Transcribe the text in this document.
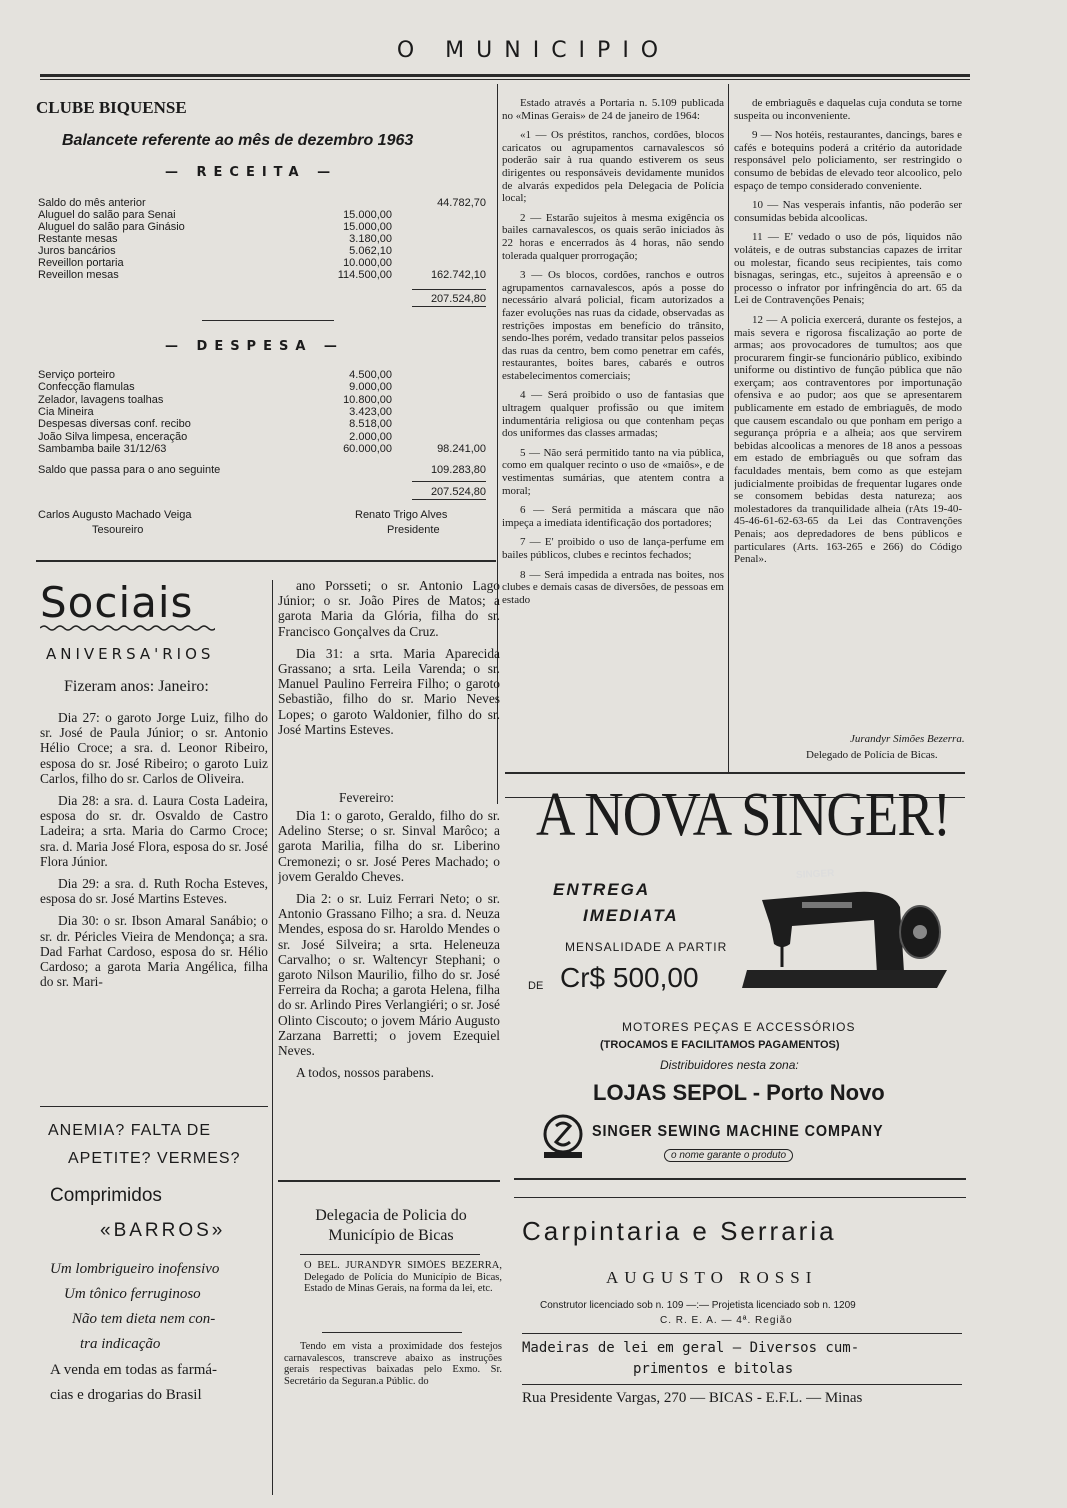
O MUNICIPIO
CLUBE BIQUENSE
Balancete referente ao mês de dezembro 1963
— RECEITA —
Saldo do mês anterior	44.782,70
Aluguel do salão para Senai	15.000,00
Aluguel do salão para Ginásio	15.000,00
Restante mesas	3.180,00
Juros bancários	5.062,10
Reveillon portaria	10.000,00
Reveillon mesas	114.500,00	162.742,10
207.524,80
— DESPESA —
Serviço porteiro	4.500,00
Confecção flamulas	9.000,00
Zelador, lavagens toalhas	10.800,00
Cia Mineira	3.423,00
Despesas diversas conf. recibo	8.518,00
João Silva limpesa, enceração	2.000,00
Sambamba baile 31/12/63	60.000,00	98.241,00
Saldo que passa para o ano seguinte	109.283,80
207.524,80
Carlos Augusto Machado Veiga
Tesoureiro
Renato Trigo Alves
Presidente

Estado através a Portaria n. 5.109 publicada no «Minas Gerais» de 24 de janeiro de 1964:

«1 — Os préstitos, ranchos, cordões, blocos caricatos ou agrupamentos carnavalescos só poderão sair à rua quando estiverem os seus dirigentes ou responsáveis devidamente munidos de alvarás expedidos pela Delegacia de Polícia local;

2 — Estarão sujeitos à mesma exigência os bailes carnavalescos, os quais serão iniciados às 22 horas e encerrados às 4 horas, não sendo tolerada qualquer prorrogação;

3 — Os blocos, cordões, ranchos e outros agrupamentos carnavalescos, após a posse do necessário alvará policial, ficam autorizados a fazer evoluções nas ruas da cidade, observadas as restrições impostas em benefício do trânsito, sendo-lhes porém, vedado transitar pelos passeios das ruas da centro, bem como penetrar em cafés, restaurantes, boites bares, cabarés e outros estabelecimentos comerciais;

4 — Será proibido o uso de fantasias que ultragem qualquer profissão ou que imitem indumentária religiosa ou que contenham peças dos uniformes das classes armadas;

5 — Não será permitido tanto na via pública, como em qualquer recinto o uso de «maiôs», e de vestimentas sumárias, que atentem contra a moral;

6 — Será permitida a máscara que não impeça a imediata identificação dos portadores;

7 — E' proibido o uso de lança-perfume em bailes públicos, clubes e recintos fechados;

8 — Será impedida a entrada nas boites, nos clubes e demais casas de diversões, de pessoas em estado

de embriaguês e daquelas cuja conduta se torne suspeita ou inconveniente.

9 — Nos hotéis, restaurantes, dancings, bares e cafés e botequins poderá a critério da autoridade responsável pelo policiamento, ser restringido o consumo de bebidas de elevado teor alcoolico, pelo espaço de tempo considerado conveniente.

10 — Nas vesperais infantis, não poderão ser consumidas bebida alcoolicas.

11 — E' vedado o uso de pós, liquidos não voláteis, e de outras substancias capazes de irritar ou molestar, ficando seus recipientes, tais como bisnagas, seringas, etc., sujeitos à apreensão e o processo o infrator por infringência do art. 65 da Lei de Contravenções Penais;

12 — A policia exercerá, durante os festejos, a mais severa e rigorosa fiscalização ao porte de armas; aos provocadores de tumultos; aos que procurarem fingir-se funcionário público, exibindo uniforme ou distintivo de função pública que não exerçam; aos contraventores por importunação ofensiva e ao pudor; aos que se apresentarem publicamente em estado de embriaguês, de modo que causem escandalo ou que ponham em perigo a segurança própria e a alheia; aos que servirem bebidas alcoolicas a menores de 18 anos a pessoas em estado de embriaguês ou que sofram das faculdades mentais, bem como as que estejam judicialmente proibidas de frequentar lugares onde se consomem bebidas desta natureza; aos molestadores da tranquilidade alheia (rAts 19-40-45-46-61-62-63-65 da Lei das Contravenções Penais; aos depredadores de bens públicos e particulares (Arts. 163-265 e 266) do Código Penal».

Jurandyr Simões Bezerra.
Delegado de Polícia de Bicas.
Sociais
ANIVERSA'RIOS
Fizeram anos: Janeiro:

Dia 27: o garoto Jorge Luiz, filho do sr. José de Paula Júnior; o sr. Antonio Hélio Croce; a sra. d. Leonor Ribeiro, esposa do sr. José Ribeiro; o garoto Luiz Carlos, filho do sr. Carlos de Oliveira.

Dia 28: a sra. d. Laura Costa Ladeira, esposa do sr. dr. Osvaldo de Castro Ladeira; a srta. Maria do Carmo Croce; sra. d. Maria José Flora, esposa do sr. José Flora Júnior.

Dia 29: a sra. d. Ruth Rocha Esteves, esposa do sr. José Martins Esteves.

Dia 30: o sr. Ibson Amaral Sanábio; o sr. dr. Péricles Vieira de Mendonça; a sra. Dad Farhat Cardoso, esposa do sr. Hélio Cardoso; a garota Maria Angélica, filha do sr. Mari-

ano Porsseti; o sr. Antonio Lago Júnior; o sr. João Pires de Matos; a garota Maria da Glória, filha do sr. Francisco Gonçalves da Cruz.

Dia 31: a srta. Maria Aparecida Grassano; a srta. Leila Varenda; o sr. Manuel Paulino Ferreira Filho; o garoto Sebastião, filho do sr. Mario Neves Lopes; o garoto Waldonier, filho do sr. José Martins Esteves.

Fevereiro:

Dia 1: o garoto, Geraldo, filho do sr. Adelino Sterse; o sr. Sinval Marôco; a garota Marilia, filha do sr. Liberino Cremonezi; o sr. José Peres Machado; o jovem Geraldo Cheves.

Dia 2: o sr. Luiz Ferrari Neto; o sr. Antonio Grassano Filho; a sra. d. Neuza Mendes, esposa do sr. Haroldo Mendes o sr. José Silveira; a srta. Heleneuza Carvalho; o sr. Waltencyr Stephani; o garoto Nilson Maurilio, filho do sr. José Ferreira da Rocha; a garota Helena, filha do sr. Arlindo Pires Verlangiéri; o sr. José Olinto Ciscouto; o jovem Mário Augusto Zarzana Barretti; o jovem Ezequiel Neves.

A todos, nossos parabens.

ANEMIA? FALTA DE
APETITE? VERMES?
Comprimidos
«BARROS»
Um lombrigueiro inofensivo
Um tônico ferruginoso
Não tem dieta nem con-
tra indicação
A venda em todas as farmá-
cias e drogarias do Brasil
Delegacia de Policia do
Município de Bicas
O BEL. JURANDYR SIMÕES BEZERRA, Delegado de Polícia do Município de Bicas, Estado de Minas Gerais, na forma da lei, etc.
Tendo em vista a proximidade dos festejos carnavalescos, transcreve abaixo as instruções gerais respectivas baixadas pelo Exmo. Sr. Secretário da Seguran.a Públic. do
A NOVA SINGER!
ENTREGA
IMEDIATA
MENSALIDADE A PARTIR
DE Cr$ 500,00
SINGER
MOTORES PEÇAS E ACCESSÓRIOS
(TROCAMOS E FACILITAMOS PAGAMENTOS)
Distribuidores nesta zona:
LOJAS SEPOL - Porto Novo
SINGER SEWING MACHINE COMPANY
o nome garante o produto
Carpintaria e Serraria
AUGUSTO ROSSI
Construtor licenciado sob n. 109 —:— Projetista licenciado sob n. 1209
C. R. E. A. — 4ª. Região
Madeiras de lei em geral — Diversos cum-
primentos e bitolas
Rua Presidente Vargas, 270 — BICAS - E.F.L. — Minas
